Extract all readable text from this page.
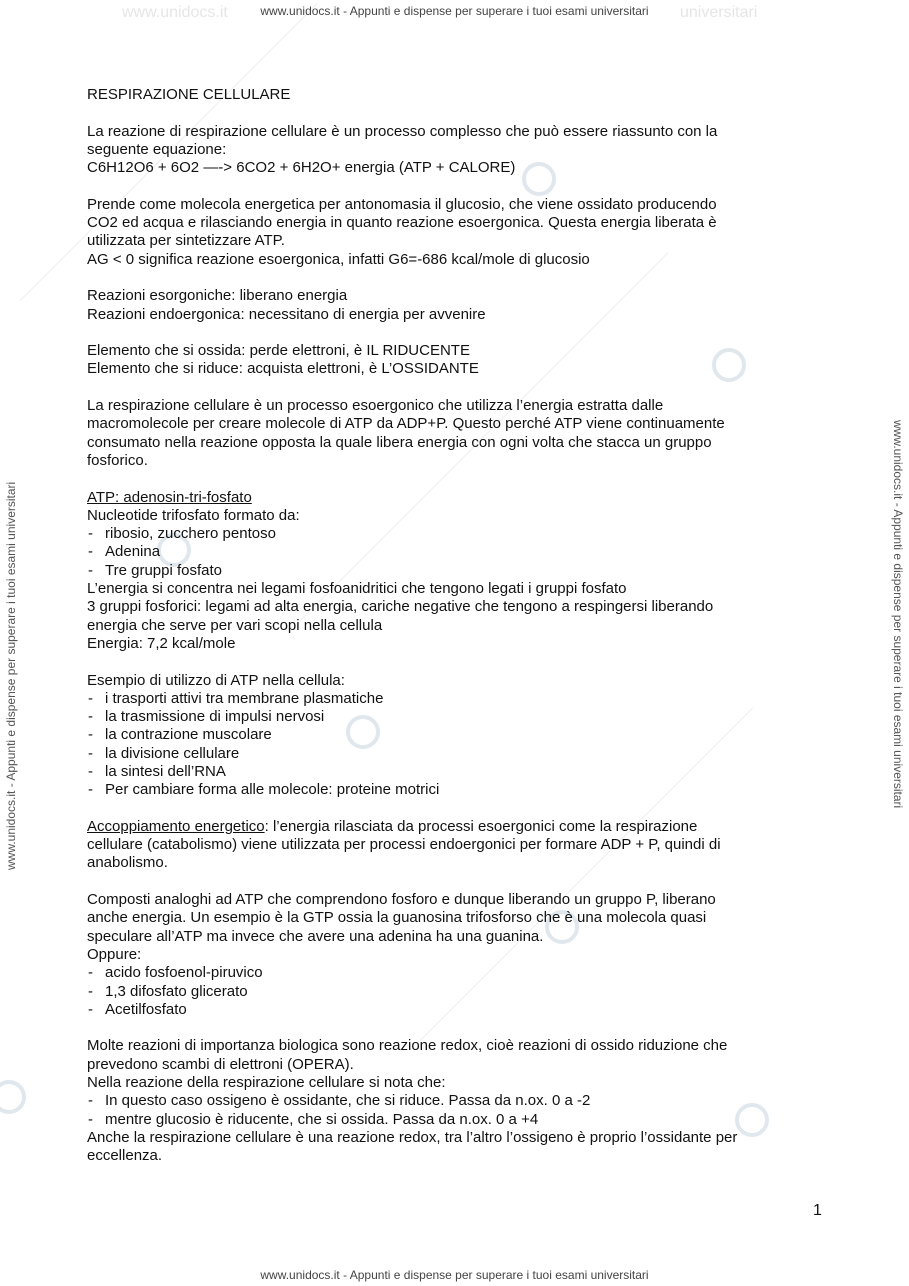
www.unidocs.it	universitari
www.unidocs.it - Appunti e dispense per superare i tuoi esami universitari
www.unidocs.it - Appunti e dispense per superare i tuoi esami universitari	www.unidocs.it - Appunti e dispense per superare i tuoi esami universitari

RESPIRAZIONE CELLULARE

La reazione di respirazione cellulare è un processo complesso che può essere riassunto con la

seguente equazione:

C6H12O6 + 6O2 —-> 6CO2 + 6H2O+ energia (ATP + CALORE)

Prende come molecola energetica per antonomasia il glucosio, che viene ossidato producendo

CO2 ed acqua e rilasciando energia in quanto reazione esoergonica. Questa energia liberata è

utilizzata per sintetizzare ATP.

AG < 0 significa reazione esoergonica, infatti G6=-686 kcal/mole di glucosio

Reazioni esorgoniche: liberano energia

Reazioni endoergonica: necessitano di energia per avvenire

Elemento che si ossida: perde elettroni, è IL RIDUCENTE

Elemento che si riduce: acquista elettroni, è L’OSSIDANTE

La respirazione cellulare è un processo esoergonico che utilizza l’energia estratta dalle

macromolecole per creare molecole di ATP da ADP+P. Questo perché ATP viene continuamente

consumato nella reazione opposta la quale libera energia con ogni volta che stacca un gruppo

fosforico.

ATP: adenosin-tri-fosfato

Nucleotide trifosfato formato da:

- ribosio, zucchero pentoso
- Adenina
- Tre gruppi fosfato

L’energia si concentra nei legami fosfoanidritici che tengono legati i gruppi fosfato

3 gruppi fosforici: legami ad alta energia, cariche negative che tengono a respingersi liberando

energia che serve per vari scopi nella cellula

Energia: 7,2 kcal/mole

Esempio di utilizzo di ATP nella cellula:

- i trasporti attivi tra membrane plasmatiche
- la trasmissione di impulsi nervosi
- la contrazione muscolare
- la divisione cellulare
- la sintesi dell’RNA
- Per cambiare forma alle molecole: proteine motrici

Accoppiamento energetico: l’energia rilasciata da processi esoergonici come la respirazione

cellulare (catabolismo) viene utilizzata per processi endoergonici per formare ADP + P, quindi di

anabolismo.

Composti analoghi ad ATP che comprendono fosforo e dunque liberando un gruppo P, liberano

anche energia. Un esempio è la GTP ossia la guanosina trifosforso che è una molecola quasi

speculare all’ATP ma invece che avere una adenina ha una guanina.

Oppure:

- acido fosfoenol-piruvico
- 1,3 difosfato glicerato
- Acetilfosfato

Molte reazioni di importanza biologica sono reazione redox, cioè reazioni di ossido riduzione che

prevedono scambi di elettroni (OPERA).

Nella reazione della respirazione cellulare si nota che:

- In questo caso ossigeno è ossidante, che si riduce. Passa da n.ox. 0 a -2
- mentre glucosio è riducente, che si ossida. Passa da n.ox. 0 a +4

Anche la respirazione cellulare è una reazione redox, tra l’altro l’ossigeno è proprio l’ossidante per

eccellenza.

1
www.unidocs.it - Appunti e dispense per superare i tuoi esami universitari
